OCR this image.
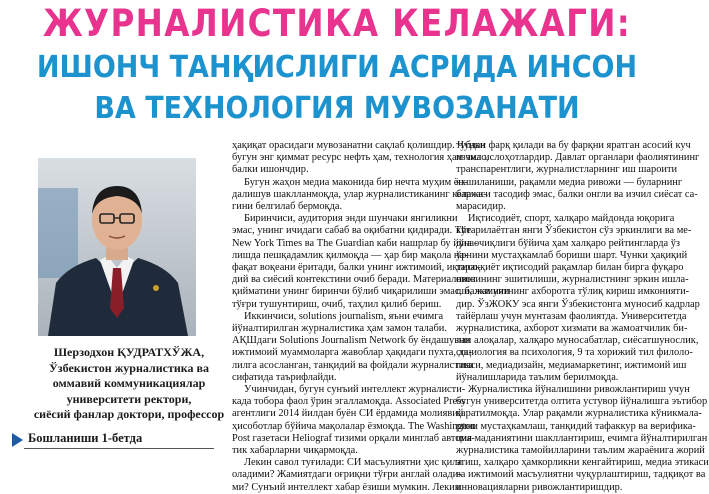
ЖУРНАЛИСТИКА КЕЛАЖАГИ:
ИШОНЧ ТАНҚИСЛИГИ АСРИДА ИНСОН
ВА ТЕХНОЛОГИЯ МУВОЗАНАТИ
Шерзодхон ҚУДРАТХЎЖА,
Ўзбекистон журналистика ва
оммавий коммуникациялар
университети ректори,
сиёсий фанлар доктори, профессор
Бошланиши 1-бетда
ҳақиқат орасидаги мувозанатни сақлаб қолишдир. Чунки
бугун энг қиммат ресурс нефть ҳам, технология ҳам эмас,
балки ишончдир.
Бугун жаҳон медиа маконида бир нечта муҳим ён-
далишув шаклланмоқда, улар журналистиканинг келажа-
гини белгилаб бермоқда.
Биринчиси, аудитория энди шунчаки янгиликни
эмас, унинг ичидаги сабаб ва оқибатни қидиради. The
New York Times ва The Guardian каби нашрлар бу йўна-
лишда пешқадамлик қилмоқда — ҳар бир мақола на-
фақат воқеани ёритади, балки унинг ижтимоий, иқтисо-
дий ва сиёсий контекстини очиб беради. Материалнинг
қийматини унинг биринчи бўлиб чиқарилиши эмас, балки уни
тўғри тушунтириш, очиб, таҳлил қилиб бериш.
Иккинчиси, solutions journalism, яъни ечимга
йўналтирилган журналистика ҳам замон талаби.
АҚШдаги Solutions Journalism Network бу ёндашувни
ижтимоий муаммоларга жавоблар ҳақидаги пухта, да-
лилга асосланган, танқидий ва фойдали журналистика
сифатида таърифлайди.
Учинчидан, бугун сунъий интеллект журналисти-
када тобора фаол ўрин эгалламоқда. Associated Press
агентлиги 2014 йилдан буён СИ ёрдамида молиявий
ҳисоботлар бўйича мақолалар ёзмоқда. The Washington
Post газетаси Heliograf тизими орқали минглаб автома-
тик хабарларни чиқармоқда.
Лекин савол туғилади: СИ масъулиятни ҳис қила
оладими? Жамиятдаги оғриқни тўғри англай олади-
ми? Сунъий интеллект хабар ёзиши мумкин. Лекин
тубдан фарқ қилади ва бу фарқни яратган асосий куч
изчил ислоҳотлардир. Давлат органлари фаолиятининг
транспарентлиги, журналистларнинг иш шароити
яхшиланиши, рақамли медиа ривожи — буларнинг
барчаси тасодиф эмас, балки онгли ва изчил сиёсат са-
марасидир.
Иқтисодиёт, спорт, халқаро майдонда юқорига
кўтарилаётган янги Ўзбекистон сўз эркинлиги ва ме-
диа очиқлиги бўйича ҳам халқаро рейтингларда ўз
ўрнини мустаҳкамлаб бориши шарт. Чунки ҳақиқий
тараққиёт иқтисодий рақамлар билан бирга фуқаро
овозининг эшитилиши, журналистнинг эркин ишла-
ши, жамиятнинг ахборотга тўлиқ кириш имконияти-
дир. ЎзЖОКУ эса янги Ўзбекистонга муносиб кадрлар
тайёрлаш учун мунтазам фаолиятда. Университетда
журналистика, ахборот хизмати ва жамоатчилик би-
лан алоқалар, халқаро муносабатлар, сиёсатшунослик,
социология ва психология, 9 та хорижий тил филоло-
гияси, медиадизайн, медиамаркетинг, ижтимоий иш
йўналишларида таълим берилмоқда.
Журналистика йўналишини ривожлантириш учун
бугун университетда олтита устувор йўналишга эътибор
қаратилмоқда. Улар рақамли журналистика кўникмала-
рини мустаҳкамлаш, танқидий тафаккур ва верифика-
ция маданиятини шакллантириш, ечимга йўналтирилган
журналистика тамойилларини таълим жараёнига жорий
этиш, халқаро ҳамкорликни кенгайтириш, медиа этикаси
ва ижтимоий масъулиятни чуқурлаштириш, тадқиқот ва
инновацияларни ривожлантиришдир.
